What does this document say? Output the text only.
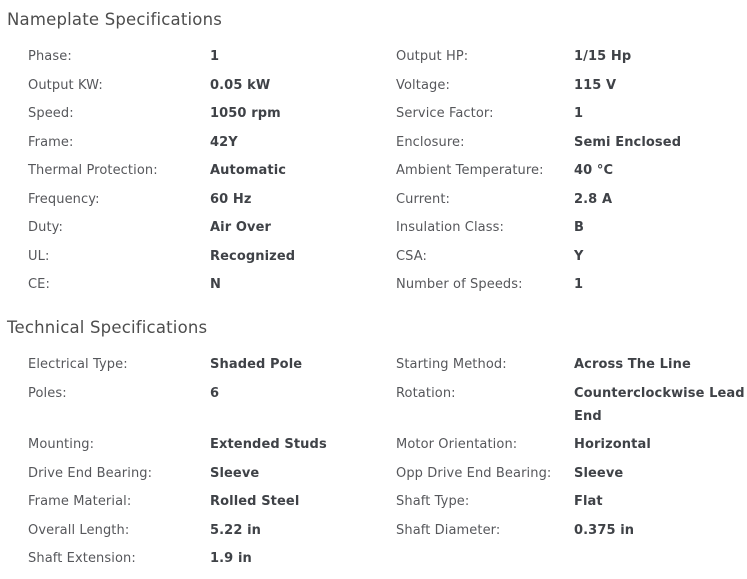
Nameplate Specifications
Phase:	1	Output HP:	1/15 Hp
Output KW:	0.05 kW	Voltage:	115 V
Speed:	1050 rpm	Service Factor:	1
Frame:	42Y	Enclosure:	Semi Enclosed
Thermal Protection:	Automatic	Ambient Temperature:	40 °C
Frequency:	60 Hz	Current:	2.8 A
Duty:	Air Over	Insulation Class:	B
UL:	Recognized	CSA:	Y
CE:	N	Number of Speeds:	1
Technical Specifications
Electrical Type:	Shaded Pole	Starting Method:	Across The Line
Poles:	6	Rotation:	Counterclockwise Lead End
Mounting:	Extended Studs	Motor Orientation:	Horizontal
Drive End Bearing:	Sleeve	Opp Drive End Bearing:	Sleeve
Frame Material:	Rolled Steel	Shaft Type:	Flat
Overall Length:	5.22 in	Shaft Diameter:	0.375 in
Shaft Extension:	1.9 in
